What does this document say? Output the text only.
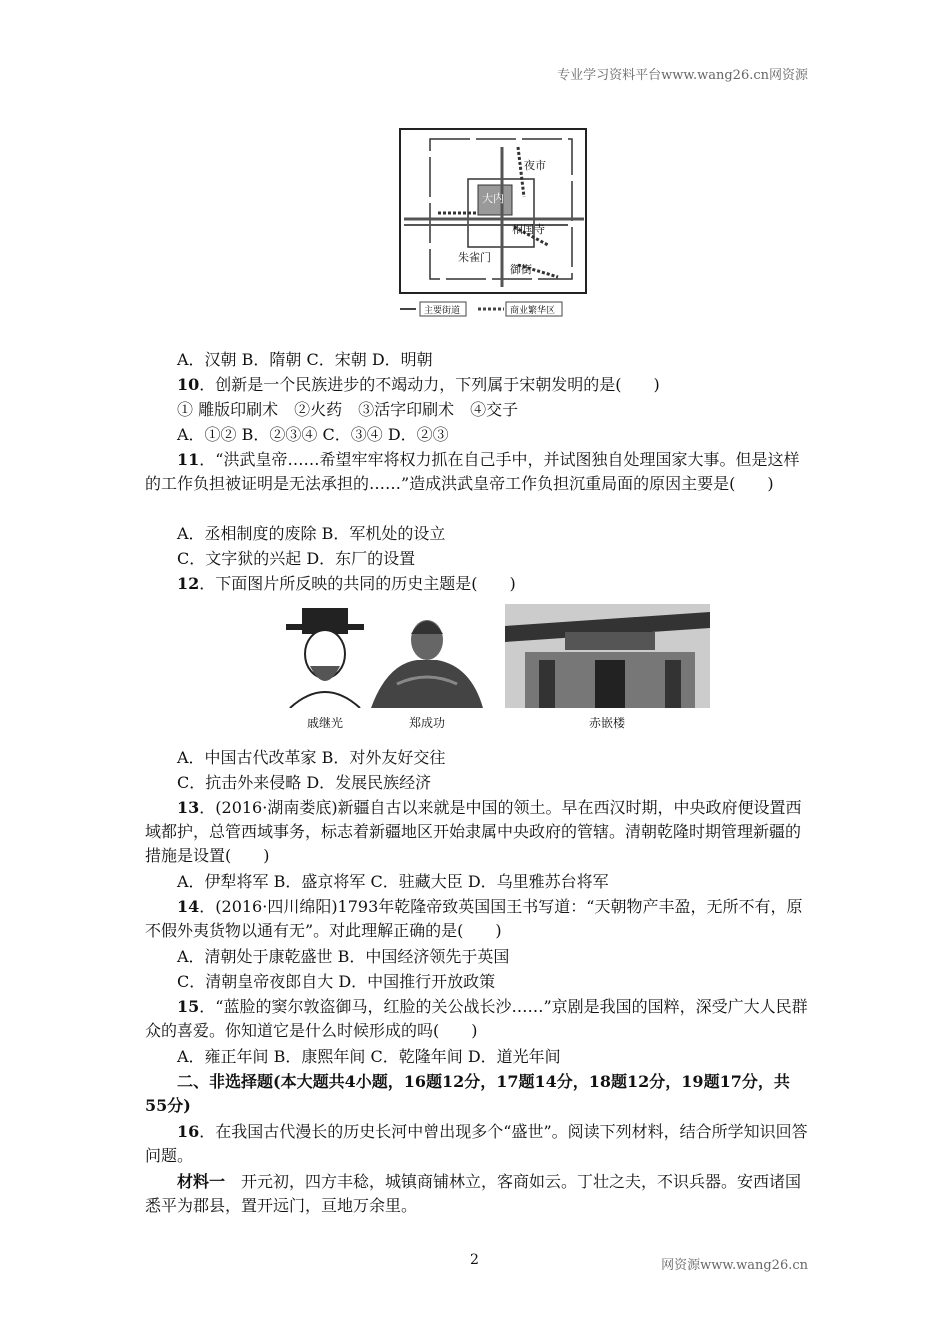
专业学习资料平台www.wang26.cn网资源
夜市
大内
相国寺
朱雀门
御街
主要街道	商业繁华区
A．汉朝 B．隋朝 C．宋朝 D．明朝
10．创新是一个民族进步的不竭动力，下列属于宋朝发明的是(　　)
① 雕版印刷术　②火药　③活字印刷术　④交子
A．①② B．②③④ C．③④ D．②③
11．“洪武皇帝……希望牢牢将权力抓在自己手中，并试图独自处理国家大事。但是这样的工作负担被证明是无法承担的……”造成洪武皇帝工作负担沉重局面的原因主要是(　　)
A．丞相制度的废除 B．军机处的设立
C．文字狱的兴起 D．东厂的设置
12．下面图片所反映的共同的历史主题是(　　)
戚继光	郑成功	赤嵌楼
A．中国古代改革家 B．对外友好交往
C．抗击外来侵略 D．发展民族经济
13．(2016·湖南娄底)新疆自古以来就是中国的领土。早在西汉时期，中央政府便设置西域都护，总管西域事务，标志着新疆地区开始隶属中央政府的管辖。清朝乾隆时期管理新疆的措施是设置(　　)
A．伊犁将军 B．盛京将军 C．驻藏大臣 D．乌里雅苏台将军
14．(2016·四川绵阳)1793年乾隆帝致英国国王书写道：“天朝物产丰盈，无所不有，原不假外夷货物以通有无”。对此理解正确的是(　　)
A．清朝处于康乾盛世 B．中国经济领先于英国
C．清朝皇帝夜郎自大 D．中国推行开放政策
15．“蓝脸的窦尔敦盗御马，红脸的关公战长沙……”京剧是我国的国粹，深受广大人民群众的喜爱。你知道它是什么时候形成的吗(　　)
A．雍正年间 B．康熙年间 C．乾隆年间 D．道光年间
二、非选择题(本大题共4小题，16题12分，17题14分，18题12分，19题17分，共55分)
16．在我国古代漫长的历史长河中曾出现多个“盛世”。阅读下列材料，结合所学知识回答问题。
材料一　开元初，四方丰稔，城镇商铺林立，客商如云。丁壮之夫，不识兵器。安西诸国悉平为郡县，置开远门，亘地万余里。
2	网资源www.wang26.cn
